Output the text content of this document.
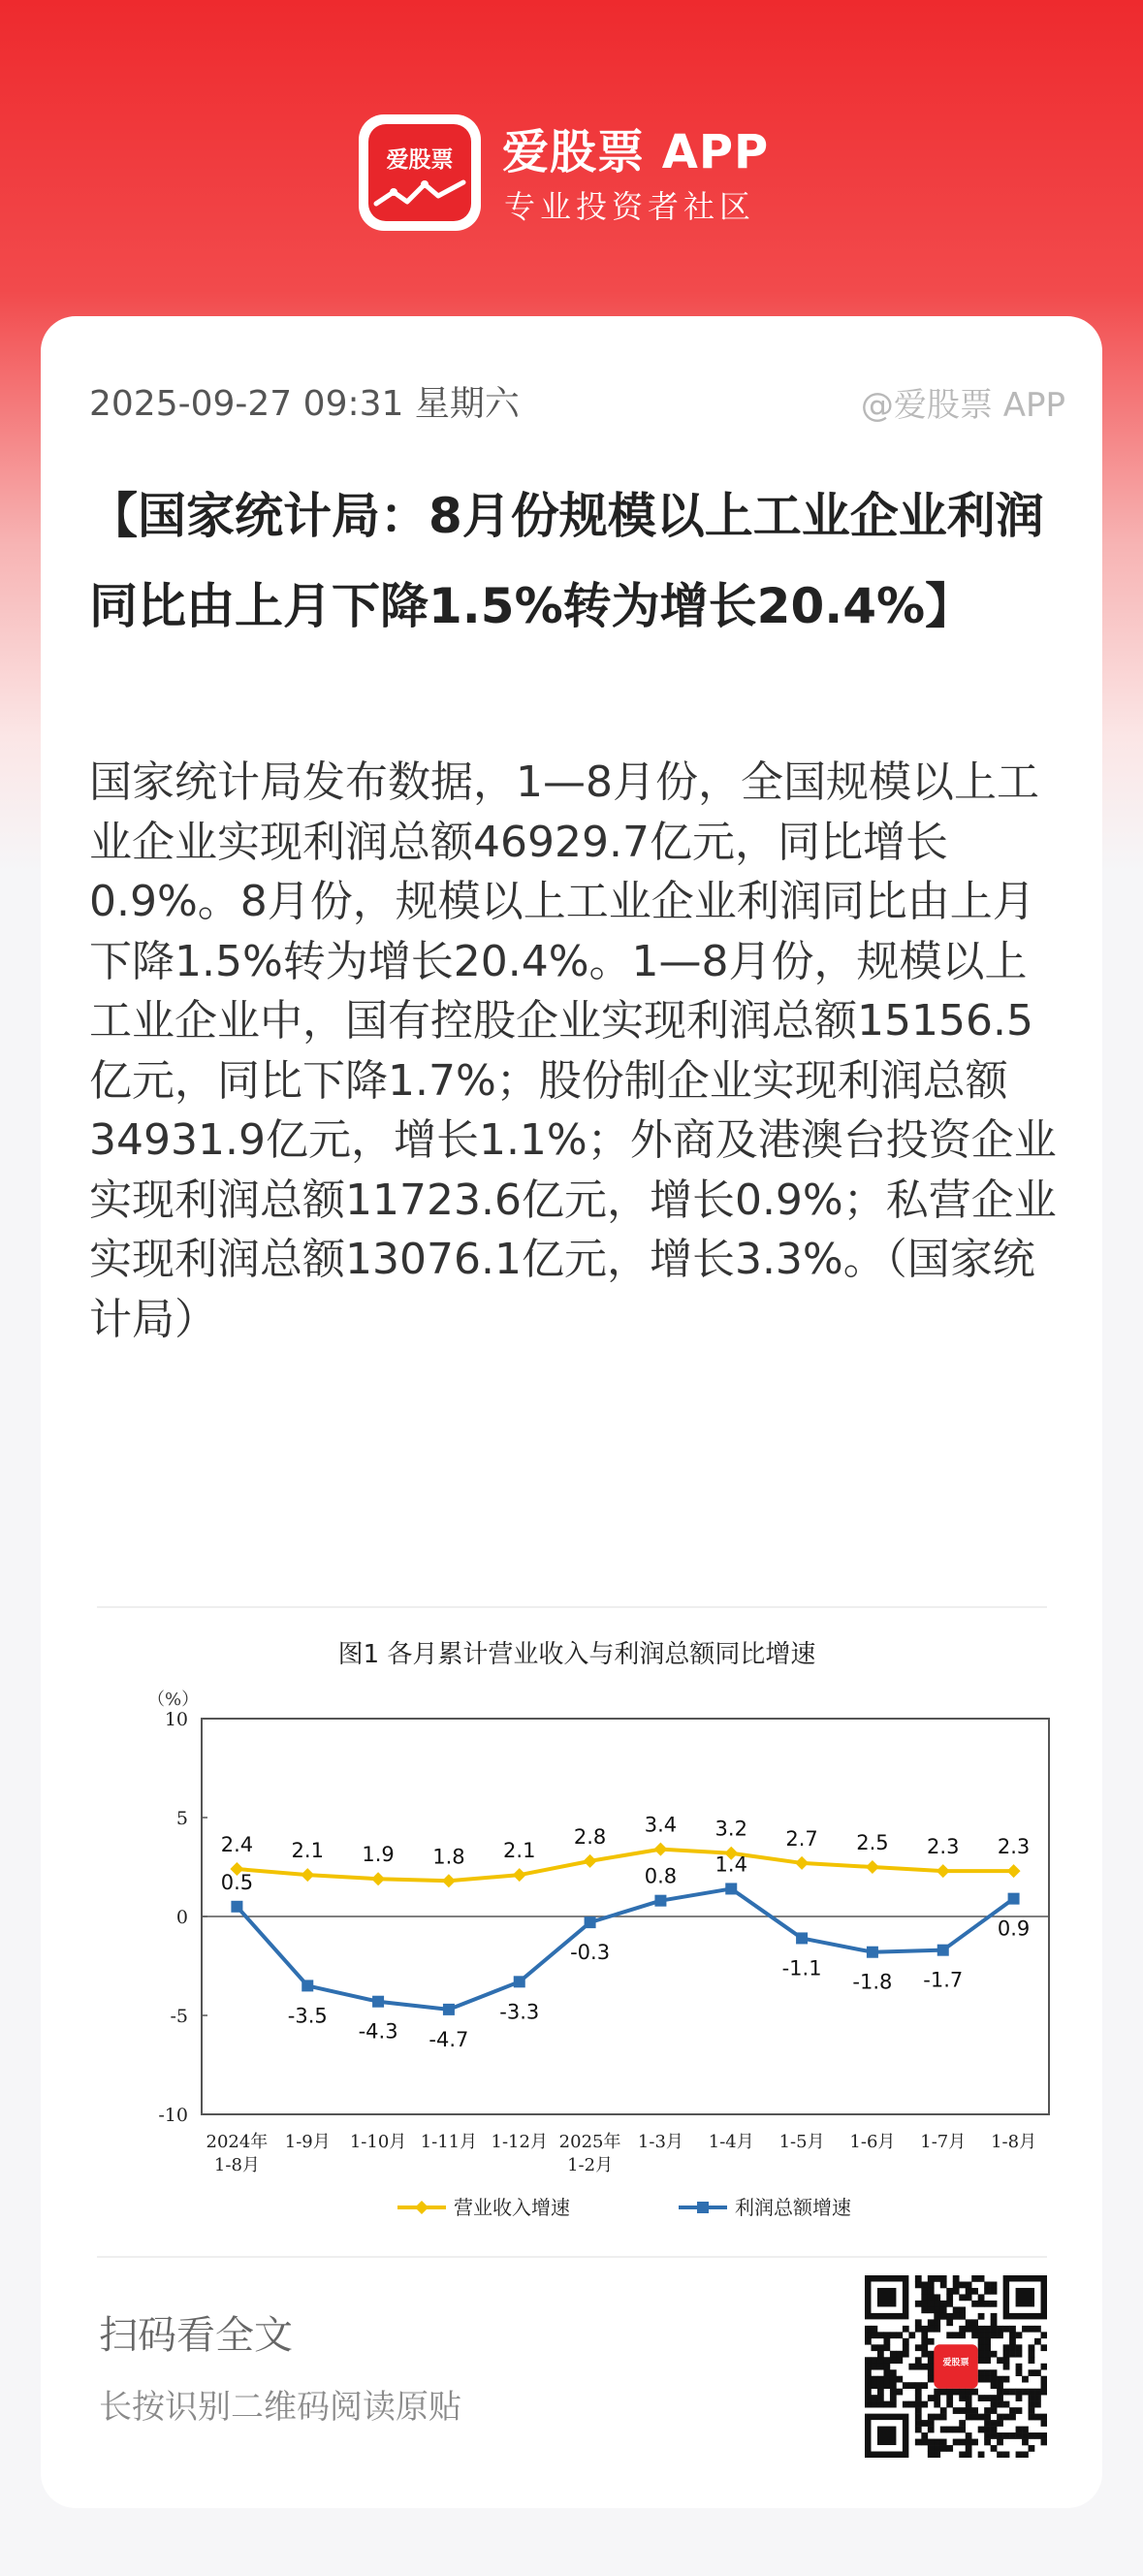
爱股票	爱股票 APP
专业投资者社区
2025-09-27 09:31 星期六	@爱股票 APP
【国家统计局：8月份规模以上工业企业利润同比由上月下降1.5%转为增长20.4%】
国家统计局发布数据，1—8月份，全国规模以上工业企业实现利润总额46929.7亿元，同比增长0.9%。8月份，规模以上工业企业利润同比由上月下降1.5%转为增长20.4%。1—8月份，规模以上工业企业中，国有控股企业实现利润总额15156.5亿元，同比下降1.7%；股份制企业实现利润总额34931.9亿元，增长1.1%；外商及港澳台投资企业实现利润总额11723.6亿元，增长0.9%；私营企业实现利润总额13076.1亿元，增长3.3%。（国家统计局）
图1 各月累计营业收入与利润总额同比增速
（%）
10
5
0
-5
-10
2024年
1-8月
1-9月 1-10月 1-11月 1-12月 2025年
1-2月
1-3月 1-4月 1-5月 1-6月 1-7月 1-8月
2.4 2.1 1.9 1.8 2.1
2.8
3.4 3.2 2.7 2.5 2.3 2.3
0.5
-3.5
-4.3 -4.7
-3.3
-0.3
0.8
1.4
-1.1
-1.8 -1.7
0.9
营业收入增速	利润总额增速
扫码看全文
长按识别二维码阅读原贴
爱股票
